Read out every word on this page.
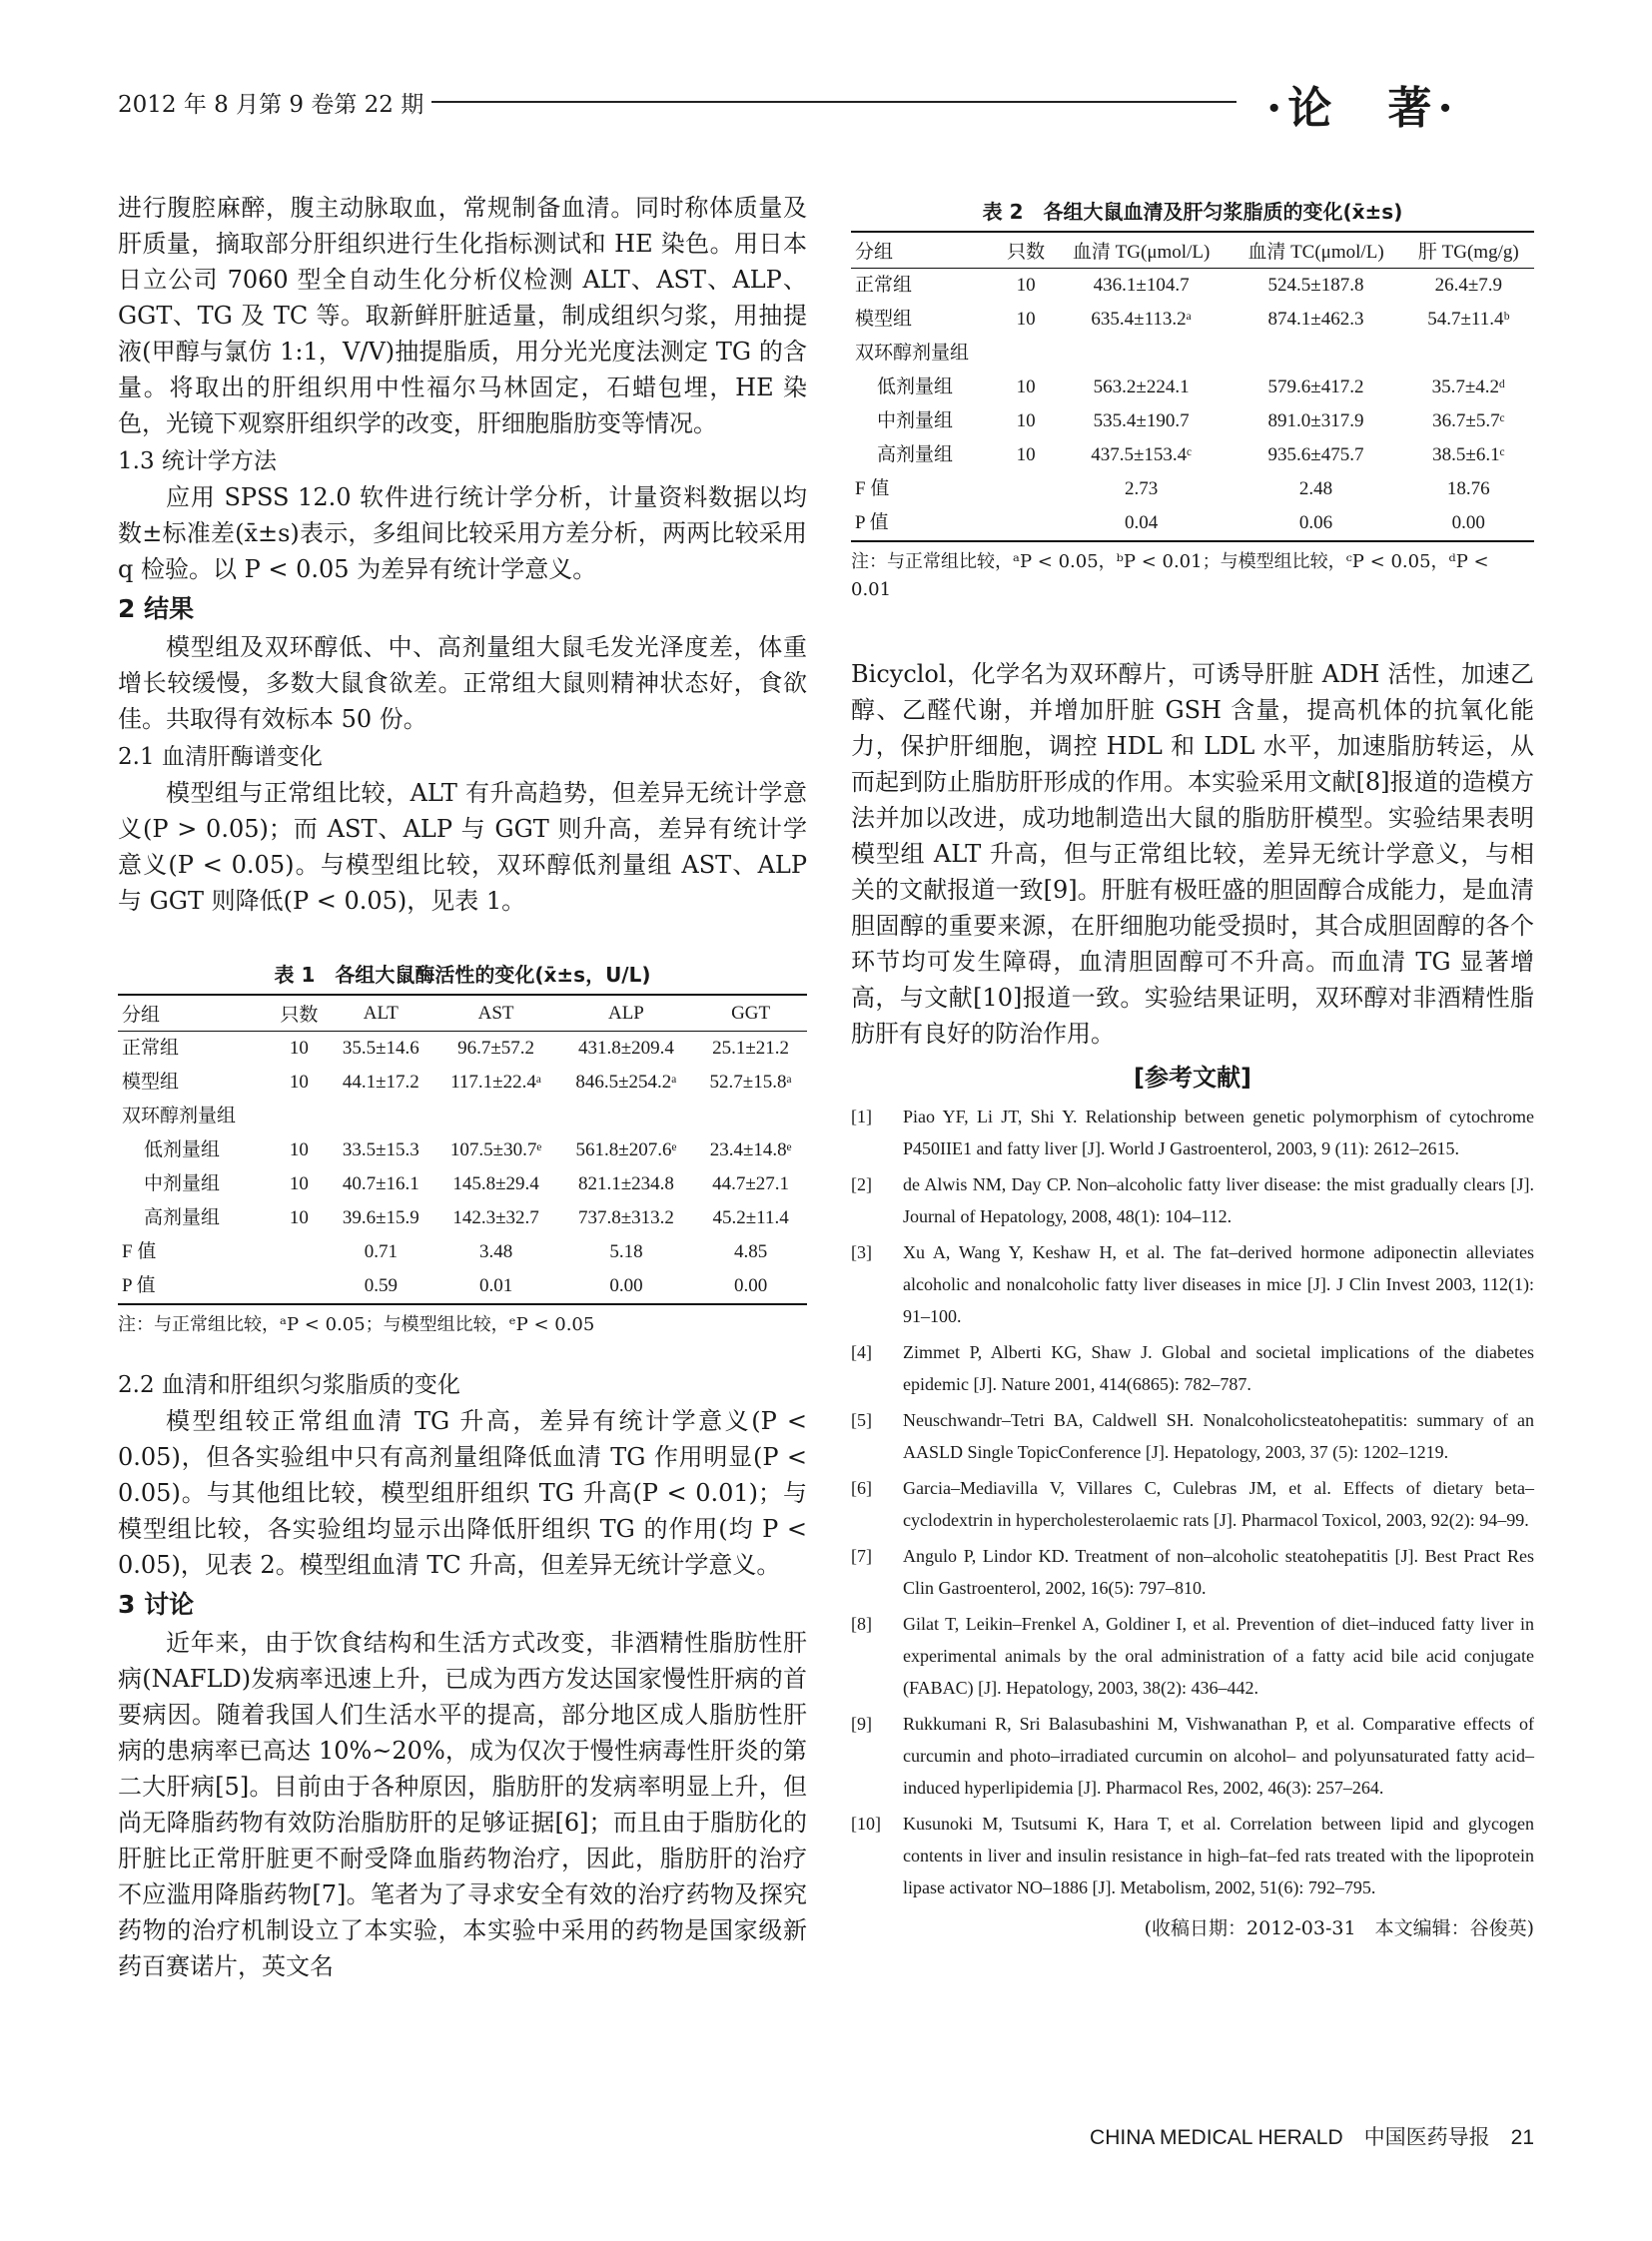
2012 年 8 月第 9 卷第 22 期	·论　著·

进行腹腔麻醉，腹主动脉取血，常规制备血清。同时称体质量及肝质量，摘取部分肝组织进行生化指标测试和 HE 染色。用日本日立公司 7060 型全自动生化分析仪检测 ALT、AST、ALP、GGT、TG 及 TC 等。取新鲜肝脏适量，制成组织匀浆，用抽提液(甲醇与氯仿 1:1，V/V)抽提脂质，用分光光度法测定 TG 的含量。将取出的肝组织用中性福尔马林固定，石蜡包埋，HE 染色，光镜下观察肝组织学的改变，肝细胞脂肪变等情况。

1.3 统计学方法

应用 SPSS 12.0 软件进行统计学分析，计量资料数据以均数±标准差(x̄±s)表示，多组间比较采用方差分析，两两比较采用 q 检验。以 P < 0.05 为差异有统计学意义。

2 结果

模型组及双环醇低、中、高剂量组大鼠毛发光泽度差，体重增长较缓慢，多数大鼠食欲差。正常组大鼠则精神状态好，食欲佳。共取得有效标本 50 份。

2.1 血清肝酶谱变化

模型组与正常组比较，ALT 有升高趋势，但差异无统计学意义(P > 0.05)；而 AST、ALP 与 GGT 则升高，差异有统计学意义(P < 0.05)。与模型组比较，双环醇低剂量组 AST、ALP 与 GGT 则降低(P < 0.05)，见表 1。

表 1　各组大鼠酶活性的变化(x̄±s，U/L)
分组	只数	ALT	AST	ALP	GGT
正常组	10	35.5±14.6	96.7±57.2	431.8±209.4	25.1±21.2
模型组	10	44.1±17.2	117.1±22.4ᵃ	846.5±254.2ᵃ	52.7±15.8ᵃ
双环醇剂量组					
低剂量组	10	33.5±15.3	107.5±30.7ᵉ	561.8±207.6ᵉ	23.4±14.8ᵉ
中剂量组	10	40.7±16.1	145.8±29.4	821.1±234.8	44.7±27.1
高剂量组	10	39.6±15.9	142.3±32.7	737.8±313.2	45.2±11.4
F 值		0.71	3.48	5.18	4.85
P 值		0.59	0.01	0.00	0.00

注：与正常组比较，ᵃP < 0.05；与模型组比较，ᵉP < 0.05

2.2 血清和肝组织匀浆脂质的变化

模型组较正常组血清 TG 升高，差异有统计学意义(P < 0.05)，但各实验组中只有高剂量组降低血清 TG 作用明显(P < 0.05)。与其他组比较，模型组肝组织 TG 升高(P < 0.01)；与模型组比较，各实验组均显示出降低肝组织 TG 的作用(均 P < 0.05)，见表 2。模型组血清 TC 升高，但差异无统计学意义。

3 讨论

近年来，由于饮食结构和生活方式改变，非酒精性脂肪性肝病(NAFLD)发病率迅速上升，已成为西方发达国家慢性肝病的首要病因。随着我国人们生活水平的提高，部分地区成人脂肪性肝病的患病率已高达 10%~20%，成为仅次于慢性病毒性肝炎的第二大肝病[5]。目前由于各种原因，脂肪肝的发病率明显上升，但尚无降脂药物有效防治脂肪肝的足够证据[6]；而且由于脂肪化的肝脏比正常肝脏更不耐受降血脂药物治疗，因此，脂肪肝的治疗不应滥用降脂药物[7]。笔者为了寻求安全有效的治疗药物及探究药物的治疗机制设立了本实验，本实验中采用的药物是国家级新药百赛诺片，英文名

表 2　各组大鼠血清及肝匀浆脂质的变化(x̄±s)
分组	只数	血清 TG(μmol/L)	血清 TC(μmol/L)	肝 TG(mg/g)
正常组	10	436.1±104.7	524.5±187.8	26.4±7.9
模型组	10	635.4±113.2ᵃ	874.1±462.3	54.7±11.4ᵇ
双环醇剂量组				
低剂量组	10	563.2±224.1	579.6±417.2	35.7±4.2ᵈ
中剂量组	10	535.4±190.7	891.0±317.9	36.7±5.7ᶜ
高剂量组	10	437.5±153.4ᶜ	935.6±475.7	38.5±6.1ᶜ
F 值		2.73	2.48	18.76
P 值		0.04	0.06	0.00

注：与正常组比较，ᵃP < 0.05，ᵇP < 0.01；与模型组比较，ᶜP < 0.05，ᵈP < 0.01

Bicyclol，化学名为双环醇片，可诱导肝脏 ADH 活性，加速乙醇、乙醛代谢，并增加肝脏 GSH 含量，提高机体的抗氧化能力，保护肝细胞，调控 HDL 和 LDL 水平，加速脂肪转运，从而起到防止脂肪肝形成的作用。本实验采用文献[8]报道的造模方法并加以改进，成功地制造出大鼠的脂肪肝模型。实验结果表明模型组 ALT 升高，但与正常组比较，差异无统计学意义，与相关的文献报道一致[9]。肝脏有极旺盛的胆固醇合成能力，是血清胆固醇的重要来源，在肝细胞功能受损时，其合成胆固醇的各个环节均可发生障碍，血清胆固醇可不升高。而血清 TG 显著增高，与文献[10]报道一致。实验结果证明，双环醇对非酒精性脂肪肝有良好的防治作用。

[参考文献]

[1] Piao YF, Li JT, Shi Y. Relationship between genetic polymorphism of cytochrome P450IIE1 and fatty liver [J]. World J Gastroenterol, 2003, 9 (11): 2612–2615.

[2] de Alwis NM, Day CP. Non–alcoholic fatty liver disease: the mist gradually clears [J]. Journal of Hepatology, 2008, 48(1): 104–112.

[3] Xu A, Wang Y, Keshaw H, et al. The fat–derived hormone adiponectin alleviates alcoholic and nonalcoholic fatty liver diseases in mice [J]. J Clin Invest 2003, 112(1): 91–100.

[4] Zimmet P, Alberti KG, Shaw J. Global and societal implications of the diabetes epidemic [J]. Nature 2001, 414(6865): 782–787.

[5] Neuschwandr–Tetri BA, Caldwell SH. Nonalcoholicsteatohepatitis: summary of an AASLD Single TopicConference [J]. Hepatology, 2003, 37 (5): 1202–1219.

[6] Garcia–Mediavilla V, Villares C, Culebras JM, et al. Effects of dietary beta–cyclodextrin in hypercholesterolaemic rats [J]. Pharmacol Toxicol, 2003, 92(2): 94–99.

[7] Angulo P, Lindor KD. Treatment of non–alcoholic steatohepatitis [J]. Best Pract Res Clin Gastroenterol, 2002, 16(5): 797–810.

[8] Gilat T, Leikin–Frenkel A, Goldiner I, et al. Prevention of diet–induced fatty liver in experimental animals by the oral administration of a fatty acid bile acid conjugate (FABAC) [J]. Hepatology, 2003, 38(2): 436–442.

[9] Rukkumani R, Sri Balasubashini M, Vishwanathan P, et al. Comparative effects of curcumin and photo–irradiated curcumin on alcohol– and polyunsaturated fatty acid–induced hyperlipidemia [J]. Pharmacol Res, 2002, 46(3): 257–264.

[10] Kusunoki M, Tsutsumi K, Hara T, et al. Correlation between lipid and glycogen contents in liver and insulin resistance in high–fat–fed rats treated with the lipoprotein lipase activator NO–1886 [J]. Metabolism, 2002, 51(6): 792–795.

(收稿日期：2012-03-31　本文编辑：谷俊英)
CHINA MEDICAL HERALD　中国医药导报　21
